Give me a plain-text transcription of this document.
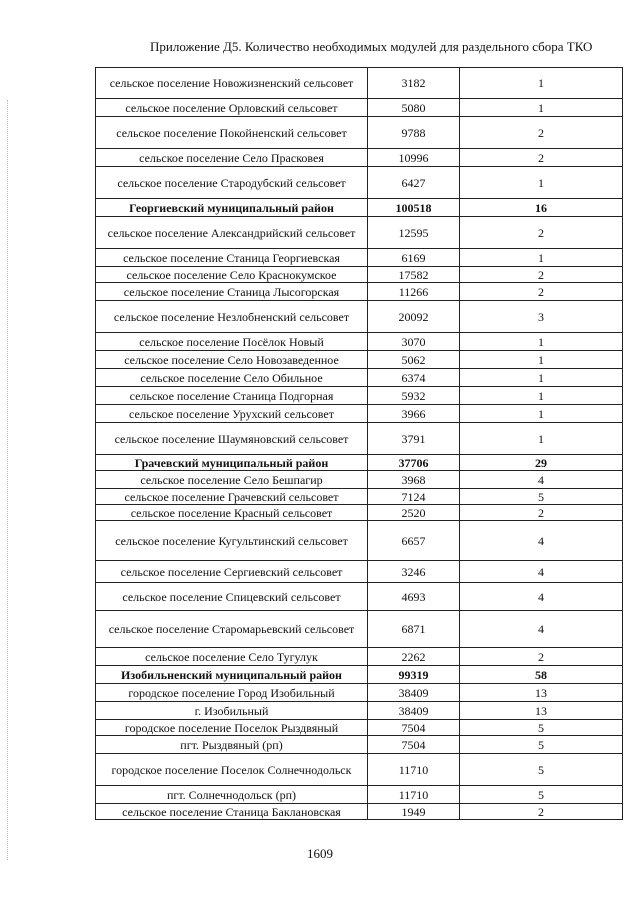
Приложение Д5. Количество необходимых модулей для раздельного сбора ТКО
сельское поселение Новожизненский сельсовет	3182	1
сельское поселение Орловский сельсовет	5080	1
сельское поселение Покойненский сельсовет	9788	2
сельское поселение Село Прасковея	10996	2
сельское поселение Стародубский сельсовет	6427	1
Георгиевский муниципальный район	100518	16
сельское поселение Александрийский сельсовет	12595	2
сельское поселение Станица Георгиевская	6169	1
сельское поселение Село Краснокумское	17582	2
сельское поселение Станица Лысогорская	11266	2
сельское поселение Незлобненский сельсовет	20092	3
сельское поселение Посёлок Новый	3070	1
сельское поселение Село Новозаведенное	5062	1
сельское поселение Село Обильное	6374	1
сельское поселение Станица Подгорная	5932	1
сельское поселение Урухский сельсовет	3966	1
сельское поселение Шаумяновский сельсовет	3791	1
Грачевский муниципальный район	37706	29
сельское поселение Село Бешпагир	3968	4
сельское поселение Грачевский сельсовет	7124	5
сельское поселение Красный сельсовет	2520	2
сельское поселение Кугультинский сельсовет	6657	4
сельское поселение Сергиевский сельсовет	3246	4
сельское поселение Спицевский сельсовет	4693	4
сельское поселение Старомарьевский сельсовет	6871	4
сельское поселение Село Тугулук	2262	2
Изобильненский муниципальный район	99319	58
городское поселение Город Изобильный	38409	13
г. Изобильный	38409	13
городское поселение Поселок Рыздвяный	7504	5
пгт. Рыздвяный (рп)	7504	5
городское поселение Поселок Солнечнодольск	11710	5
пгт. Солнечнодольск (рп)	11710	5
сельское поселение Станица Баклановская	1949	2
1609
